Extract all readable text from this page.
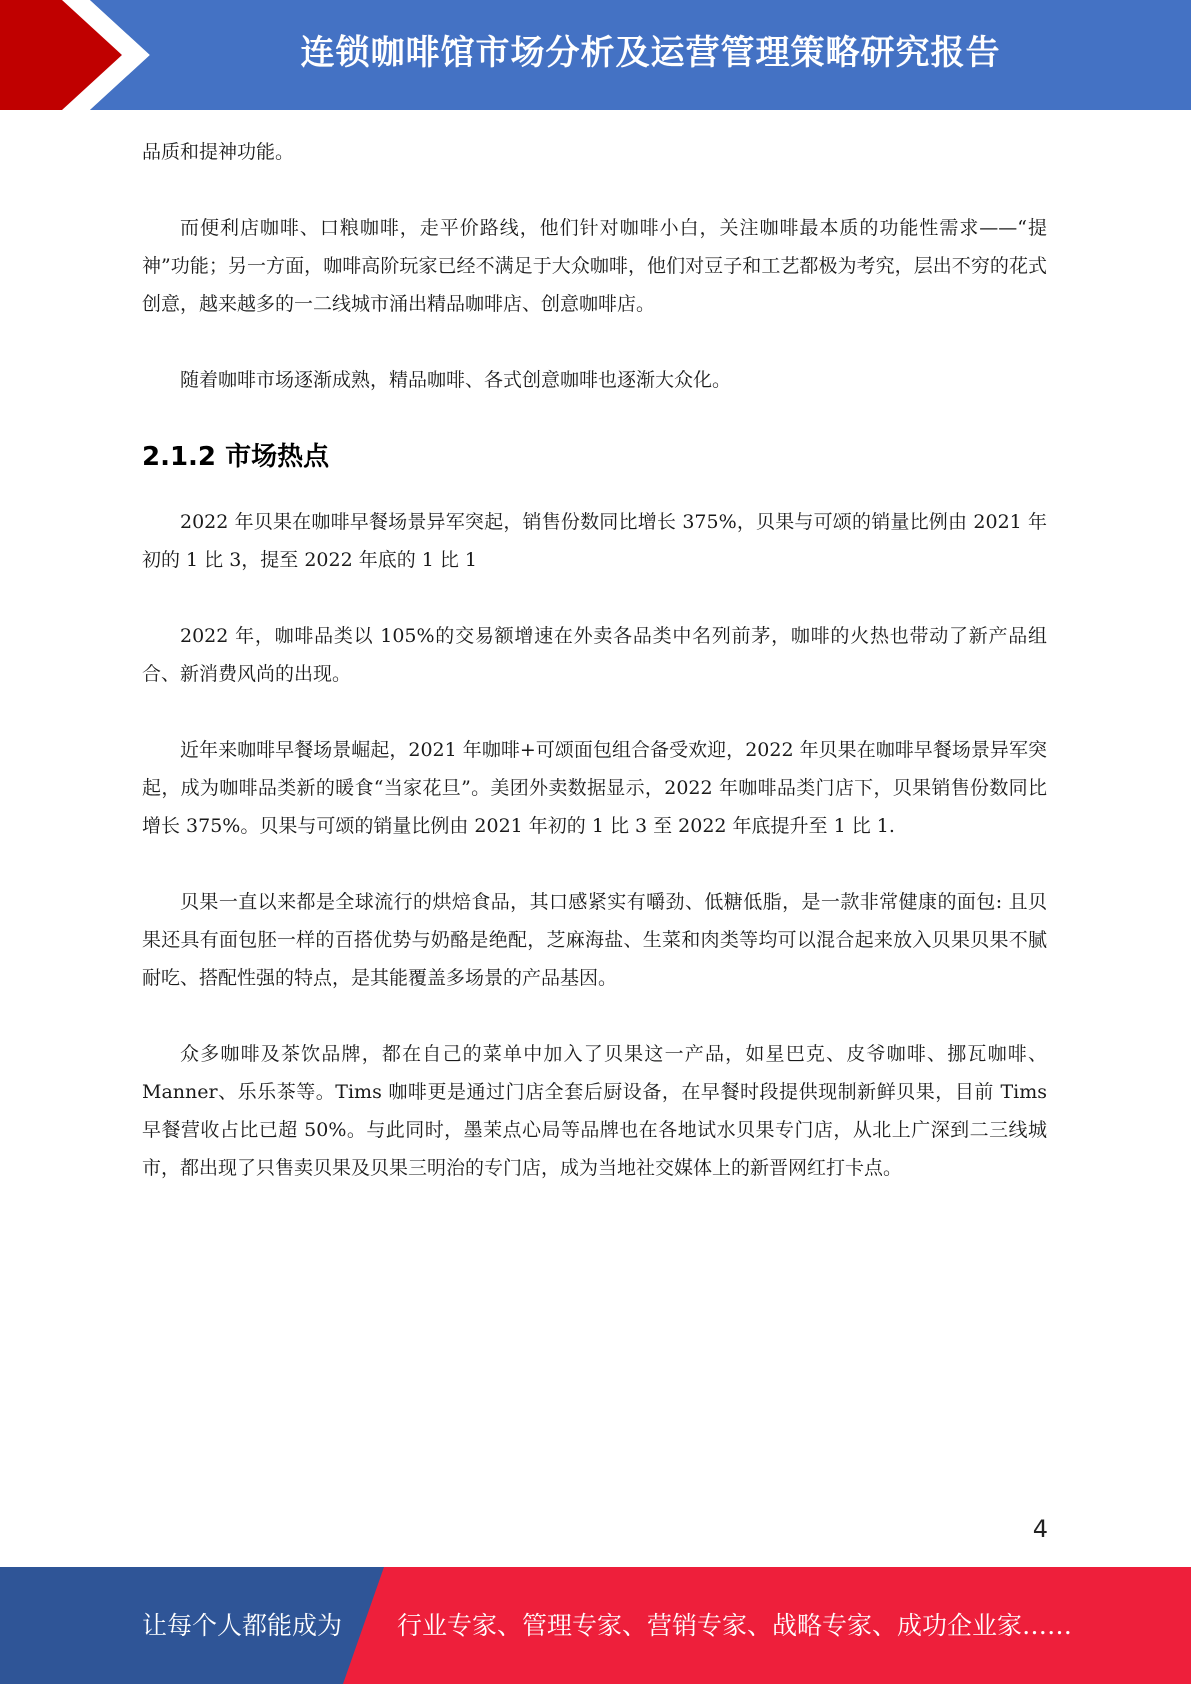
连锁咖啡馆市场分析及运营管理策略研究报告

品质和提神功能。

而便利店咖啡、口粮咖啡，走平价路线，他们针对咖啡小白，关注咖啡最本质的功能性需求——“提神”功能；另一方面，咖啡高阶玩家已经不满足于大众咖啡，他们对豆子和工艺都极为考究，层出不穷的花式创意，越来越多的一二线城市涌出精品咖啡店、创意咖啡店。

随着咖啡市场逐渐成熟，精品咖啡、各式创意咖啡也逐渐大众化。

2.1.2 市场热点

2022 年贝果在咖啡早餐场景异军突起，销售份数同比增长 375%，贝果与可颂的销量比例由 2021 年初的 1 比 3，提至 2022 年底的 1 比 1

2022 年，咖啡品类以 105%的交易额增速在外卖各品类中名列前茅，咖啡的火热也带动了新产品组合、新消费风尚的出现。

近年来咖啡早餐场景崛起，2021 年咖啡+可颂面包组合备受欢迎，2022 年贝果在咖啡早餐场景异军突起，成为咖啡品类新的暖食“当家花旦”。美团外卖数据显示，2022 年咖啡品类门店下，贝果销售份数同比增长 375%。贝果与可颂的销量比例由 2021 年初的 1 比 3 至 2022 年底提升至 1 比 1.

贝果一直以来都是全球流行的烘焙食品，其口感紧实有嚼劲、低糖低脂，是一款非常健康的面包: 且贝果还具有面包胚一样的百搭优势与奶酪是绝配，芝麻海盐、生菜和肉类等均可以混合起来放入贝果贝果不腻耐吃、搭配性强的特点，是其能覆盖多场景的产品基因。

众多咖啡及茶饮品牌，都在自己的菜单中加入了贝果这一产品，如星巴克、皮爷咖啡、挪瓦咖啡、Manner、乐乐茶等。Tims 咖啡更是通过门店全套后厨设备，在早餐时段提供现制新鲜贝果，目前 Tims 早餐营收占比已超 50%。与此同时，墨茉点心局等品牌也在各地试水贝果专门店，从北上广深到二三线城市，都出现了只售卖贝果及贝果三明治的专门店，成为当地社交媒体上的新晋网红打卡点。

4
让每个人都能成为 行业专家、管理专家、营销专家、战略专家、成功企业家……
